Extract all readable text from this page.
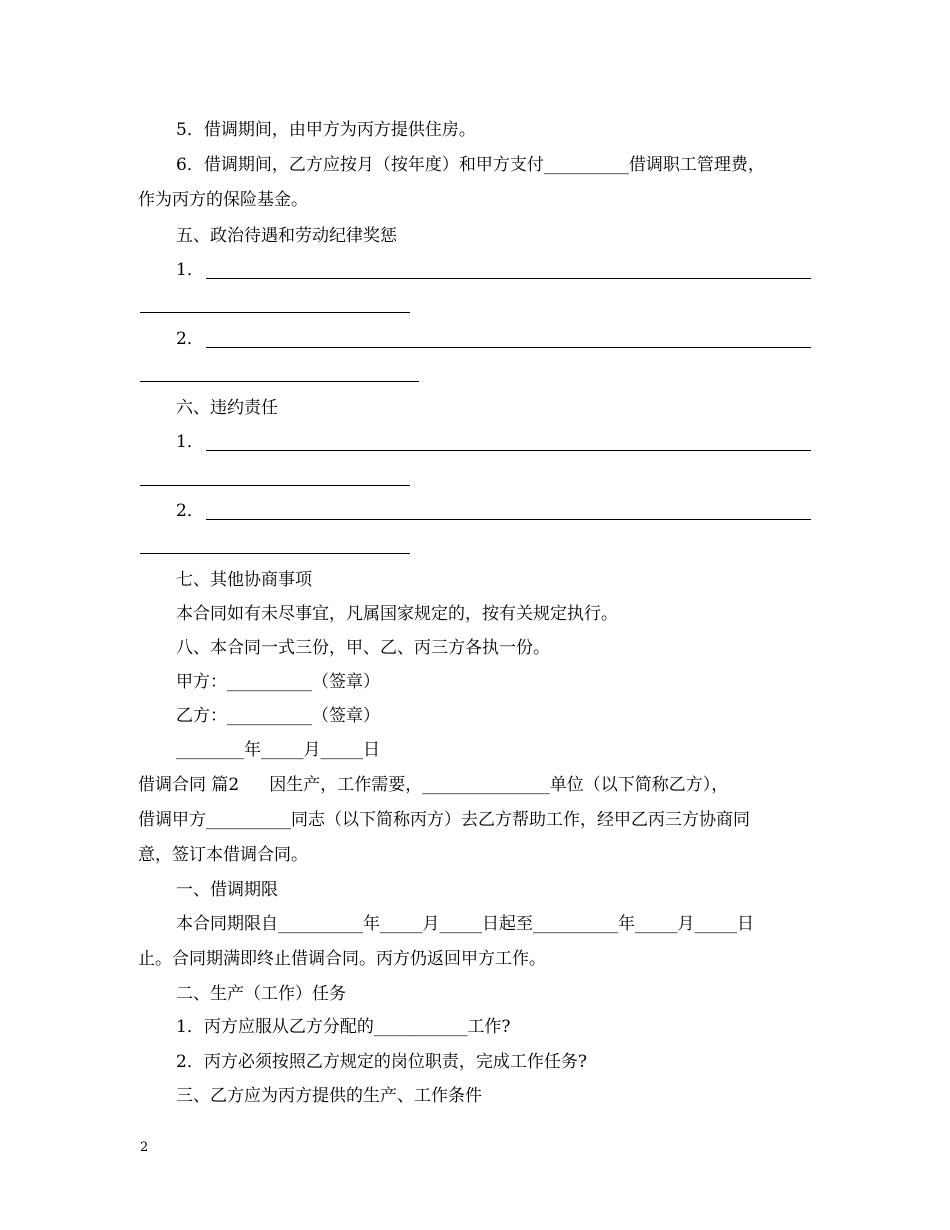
5．借调期间，由甲方为丙方提供住房。
6．借调期间，乙方应按月（按年度）和甲方支付__________借调职工管理费，
作为丙方的保险基金。
五、政治待遇和劳动纪律奖惩
1．
2．
六、违约责任
1．
2．
七、其他协商事项
本合同如有未尽事宜，凡属国家规定的，按有关规定执行。
八、本合同一式三份，甲、乙、丙三方各执一份。
甲方：__________（签章）
乙方：__________（签章）
________年_____月_____日
借调合同 篇2 因生产，工作需要，_______________单位（以下简称乙方），
借调甲方__________同志（以下简称丙方）去乙方帮助工作，经甲乙丙三方协商同
意，签订本借调合同。
一、借调期限
本合同期限自__________年_____月_____日起至__________年_____月_____日
止。合同期满即终止借调合同。丙方仍返回甲方工作。
二、生产（工作）任务
1．丙方应服从乙方分配的___________工作?
2．丙方必须按照乙方规定的岗位职责，完成工作任务?
三、乙方应为丙方提供的生产、工作条件
2
